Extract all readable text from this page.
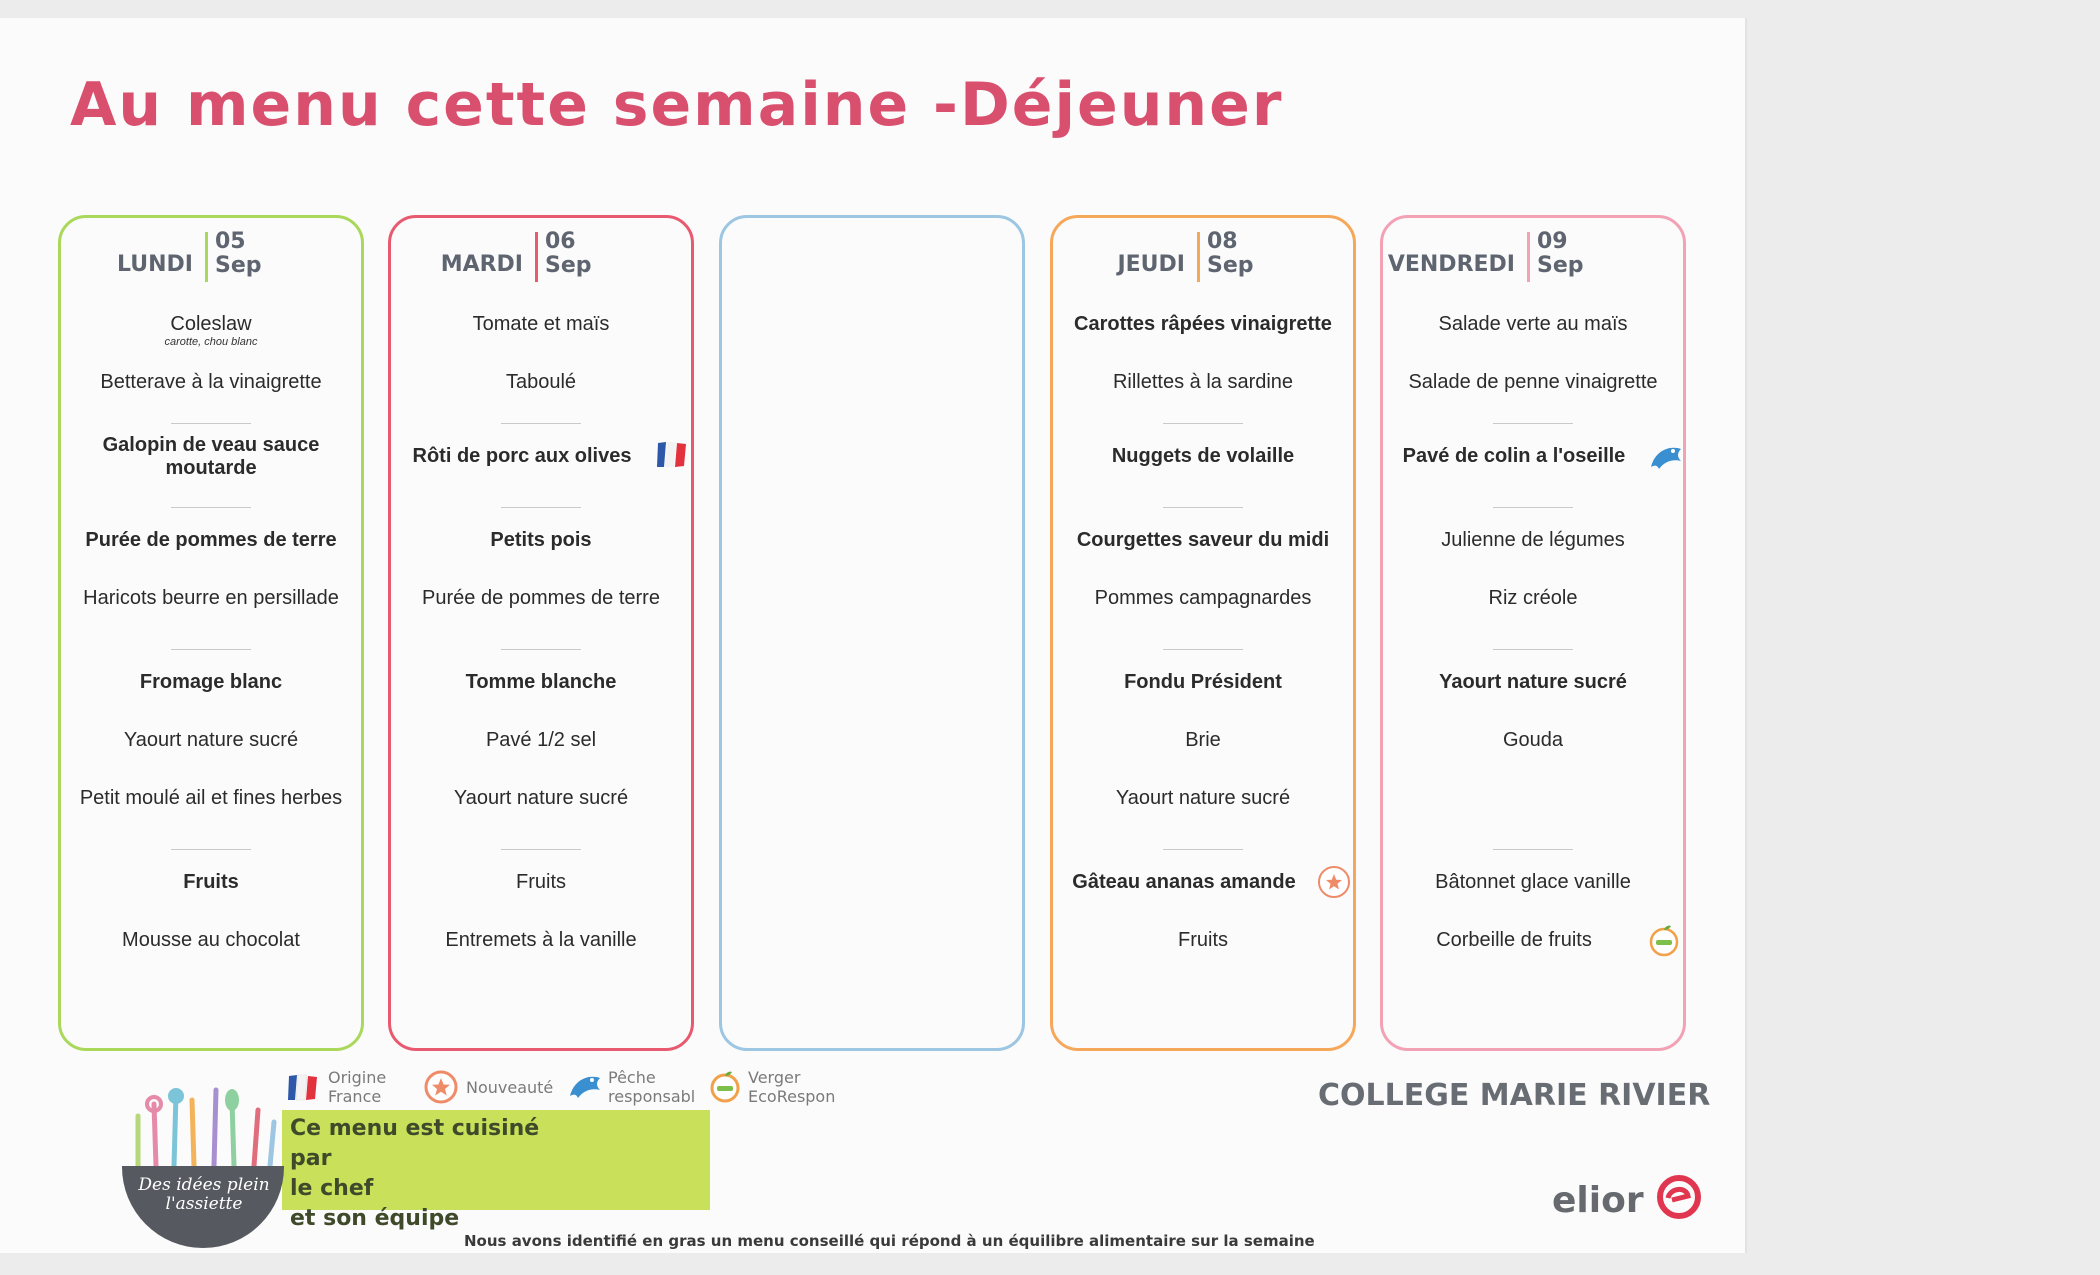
Au menu cette semaine -Déjeuner
LUNDI
05
Sep
Coleslaw
carotte, chou blanc
Betterave à la vinaigrette
Galopin de veau sauce moutarde
Purée de pommes de terre
Haricots beurre en persillade
Fromage blanc
Yaourt nature sucré
Petit moulé ail et fines herbes
Fruits
Mousse au chocolat
MARDI
06
Sep
Tomate et maïs
Taboulé
Rôti de porc aux olives
Petits pois
Purée de pommes de terre
Tomme blanche
Pavé 1/2 sel
Yaourt nature sucré
Fruits
Entremets à la vanille
JEUDI
08
Sep
Carottes râpées vinaigrette
Rillettes à la sardine
Nuggets de volaille
Courgettes saveur du midi
Pommes campagnardes
Fondu Président
Brie
Yaourt nature sucré
Gâteau ananas amande
Fruits
VENDREDI
09
Sep
Salade verte au maïs
Salade de penne vinaigrette
Pavé de colin a l'oseille
Julienne de légumes
Riz créole
Yaourt nature sucré
Gouda
Bâtonnet glace vanille
Corbeille de fruits
Origine
France	Nouveauté
Pêche
responsabl
Verger
EcoRespon
Des idées plein l'assiette
Ce menu est cuisiné par
le chef
et son équipe
COLLEGE MARIE RIVIER
elior
Nous avons identifié en gras un menu conseillé qui répond à un équilibre alimentaire sur la semaine
